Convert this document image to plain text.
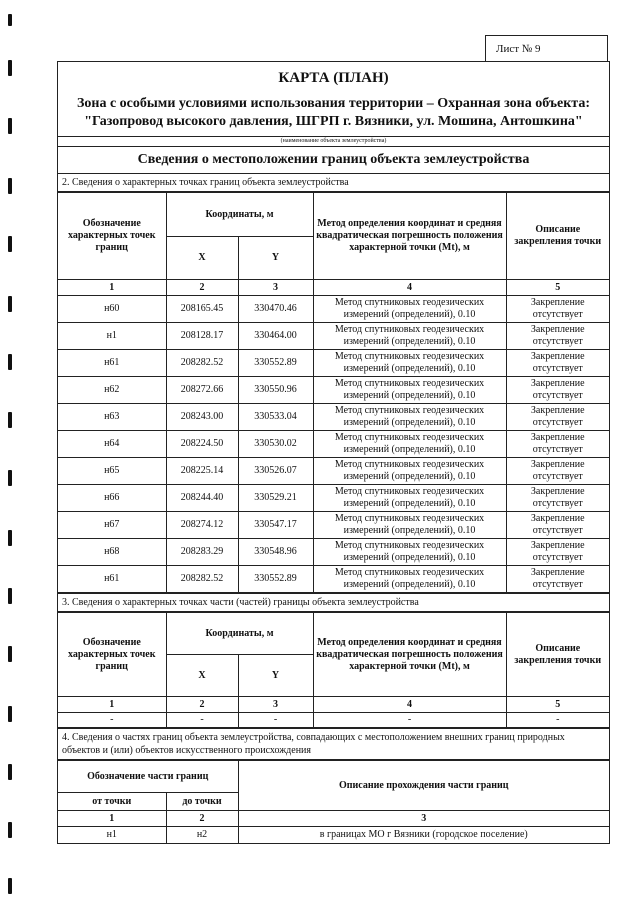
Лист № 9
КАРТА (ПЛАН)
Зона с особыми условиями использования территории – Охранная зона объекта:
"Газопровод высокого давления, ШГРП г. Вязники, ул. Мошина, Антошкина"
(наименование объекта землеустройства)
Сведения о местоположении границ объекта землеустройства
2. Сведения о характерных точках границ объекта землеустройства
Обозначение характерных точек границ	Координаты, м		Метод определения координат и средняя квадратическая погрешность положения характерной точки (Mt), м	Описание закрепления точки
	X	Y		
1	2	3	4	5
н60	208165.45	330470.46	Метод спутниковых геодезических измерений (определений), 0.10	Закрепление отсутствует
н1	208128.17	330464.00	Метод спутниковых геодезических измерений (определений), 0.10	Закрепление отсутствует
н61	208282.52	330552.89	Метод спутниковых геодезических измерений (определений), 0.10	Закрепление отсутствует
н62	208272.66	330550.96	Метод спутниковых геодезических измерений (определений), 0.10	Закрепление отсутствует
н63	208243.00	330533.04	Метод спутниковых геодезических измерений (определений), 0.10	Закрепление отсутствует
н64	208224.50	330530.02	Метод спутниковых геодезических измерений (определений), 0.10	Закрепление отсутствует
н65	208225.14	330526.07	Метод спутниковых геодезических измерений (определений), 0.10	Закрепление отсутствует
н66	208244.40	330529.21	Метод спутниковых геодезических измерений (определений), 0.10	Закрепление отсутствует
н67	208274.12	330547.17	Метод спутниковых геодезических измерений (определений), 0.10	Закрепление отсутствует
н68	208283.29	330548.96	Метод спутниковых геодезических измерений (определений), 0.10	Закрепление отсутствует
н61	208282.52	330552.89	Метод спутниковых геодезических измерений (определений), 0.10	Закрепление отсутствует
3. Сведения о характерных точках части (частей) границы объекта землеустройства
Обозначение характерных точек границ	Координаты, м		Метод определения координат и средняя квадратическая погрешность положения характерной точки (Mt), м	Описание закрепления точки
	X	Y		
1	2	3	4	5
-	-	-	-	-
4. Сведения о частях границ объекта землеустройства, совпадающих с местоположением внешних границ природных объектов и (или) объектов искусственного происхождения
Обозначение части границ		Описание прохождения части границ
от точки	до точки	
1	2	3
н1	н2	в границах МО г Вязники (городское поселение)
